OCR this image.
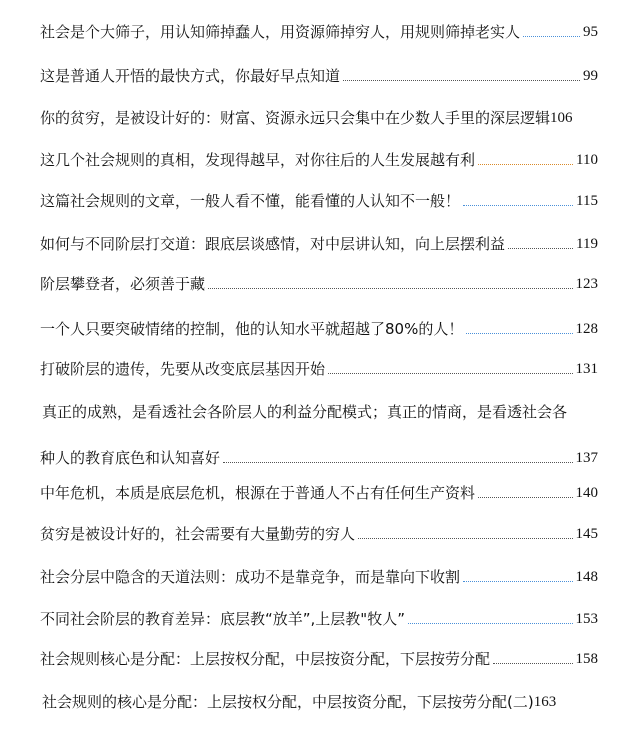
社会是个大筛子，用认知筛掉蠢人，用资源筛掉穷人，用规则筛掉老实人	95
这是普通人开悟的最快方式，你最好早点知道	99
你的贫穷，是被设计好的：财富、资源永远只会集中在少数人手里的深层逻辑 106
这几个社会规则的真相，发现得越早，对你往后的人生发展越有利	110
这篇社会规则的文章，一般人看不懂，能看懂的人认知不一般！	115
如何与不同阶层打交道：跟底层谈感情，对中层讲认知，向上层摆利益	119
阶层攀登者，必须善于藏	123
一个人只要突破情绪的控制，他的认知水平就超越了80%的人！	128
打破阶层的遗传，先要从改变底层基因开始	131
真正的成熟，是看透社会各阶层人的利益分配模式；真正的情商，是看透社会各
种人的教育底色和认知喜好	137
中年危机，本质是底层危机，根源在于普通人不占有任何生产资料	140
贫穷是被设计好的，社会需要有大量勤劳的穷人	145
社会分层中隐含的天道法则：成功不是靠竞争，而是靠向下收割	148
不同社会阶层的教育差异：底层教“放羊”,上层教"牧人”	153
社会规则核心是分配：上层按权分配，中层按资分配，下层按劳分配	158
社会规则的核心是分配：上层按权分配，中层按资分配，下层按劳分配(二) 163
